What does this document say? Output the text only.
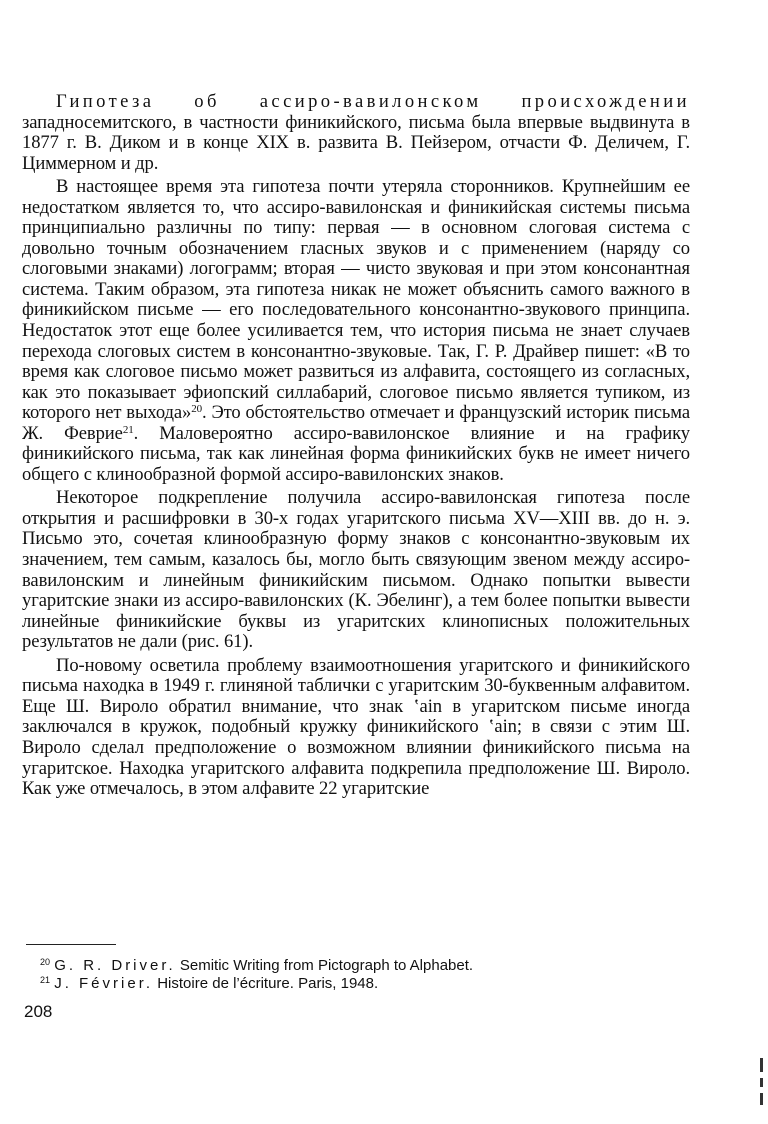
Гипотеза об ассиро-вавилонском происхождении западносемитского, в частности финикийского, письма была впервые выдвинута в 1877 г. В. Диком и в конце XIX в. развита В. Пейзером, отчасти Ф. Деличем, Г. Циммерном и др.

В настоящее время эта гипотеза почти утеряла сторонников. Крупнейшим ее недостатком является то, что ассиро-вавилонская и финикийская системы письма принципиально различны по типу: первая — в основном слоговая система с довольно точным обозначением гласных звуков и с применением (наряду со слоговыми знаками) логограмм; вторая — чисто звуковая и при этом консонантная система. Таким образом, эта гипотеза никак не может объяснить самого важного в финикийском письме — его последовательного консонантно-звукового принципа. Недостаток этот еще более усиливается тем, что история письма не знает случаев перехода слоговых систем в консонантно-звуковые. Так, Г. Р. Драйвер пишет: «В то время как слоговое письмо может развиться из алфавита, состоящего из согласных, как это показывает эфиопский силлабарий, слоговое письмо является тупиком, из которого нет выхода»$^{20}$. Это обстоятельство отмечает и французский историк письма Ж. Феврие$^{21}$. Маловероятно ассиро-вавилонское влияние и на графику финикийского письма, так как линейная форма финикийских букв не имеет ничего общего с клинообразной формой ассиро-вавилонских знаков.

Некоторое подкрепление получила ассиро-вавилонская гипотеза после открытия и расшифровки в 30-х годах угаритского письма XV—XIII вв. до н. э. Письмо это, сочетая клинообразную форму знаков с консонантно-звуковым их значением, тем самым, казалось бы, могло быть связующим звеном между ассиро-вавилонским и линейным финикийским письмом. Однако попытки вывести угаритские знаки из ассиро-вавилонских (К. Эбелинг), а тем более попытки вывести линейные финикийские буквы из угаритских клинописных положительных результатов не дали (рис. 61).

По-новому осветила проблему взаимоотношения угаритского и финикийского письма находка в 1949 г. глиняной таблички с угаритским 30-буквенным алфавитом. Еще Ш. Вироло обратил внимание, что знак ʽain в угаритском письме иногда заключался в кружок, подобный кружку финикийского ʽain; в связи с этим Ш. Вироло сделал предположение о возможном влиянии финикийского письма на угаритское. Находка угаритского алфавита подкрепила предположение Ш. Вироло. Как уже отмечалось, в этом алфавите 22 угаритские

$^{20}$ G. R. Driver. Semitic Writing from Pictograph to Alphabet.

$^{21}$ J. Février. Histoire de l’écriture. Paris, 1948.

208
